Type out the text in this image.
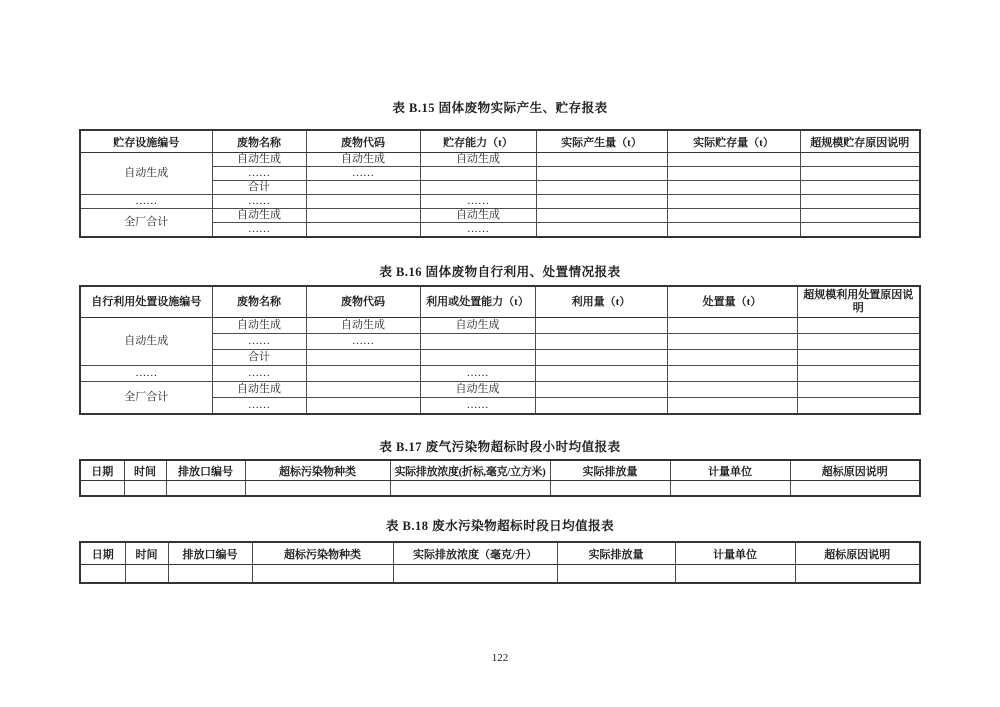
表 B.15 固体废物实际产生、贮存报表
贮存设施编号	废物名称	废物代码	贮存能力（t）	实际产生量（t）	实际贮存量（t）	超规模贮存原因说明
自动生成	自动生成	自动生成	自动生成			
	……	……				
	合计					
……	……		……			
全厂合计	自动生成		自动生成			
	……		……			
表 B.16 固体废物自行利用、处置情况报表
自行利用处置设施编号	废物名称	废物代码	利用或处置能力（t）	利用量（t）	处置量（t）	超规模利用处置原因说明
自动生成	自动生成	自动生成	自动生成			
	……	……				
	合计					
……	……		……			
全厂合计	自动生成		自动生成			
	……		……			
表 B.17 废气污染物超标时段小时均值报表
日期	时间	排放口编号	超标污染物种类	实际排放浓度(折标,毫克/立方米)	实际排放量	计量单位	超标原因说明

表 B.18 废水污染物超标时段日均值报表
日期	时间	排放口编号	超标污染物种类	实际排放浓度（毫克/升）	实际排放量	计量单位	超标原因说明

122
